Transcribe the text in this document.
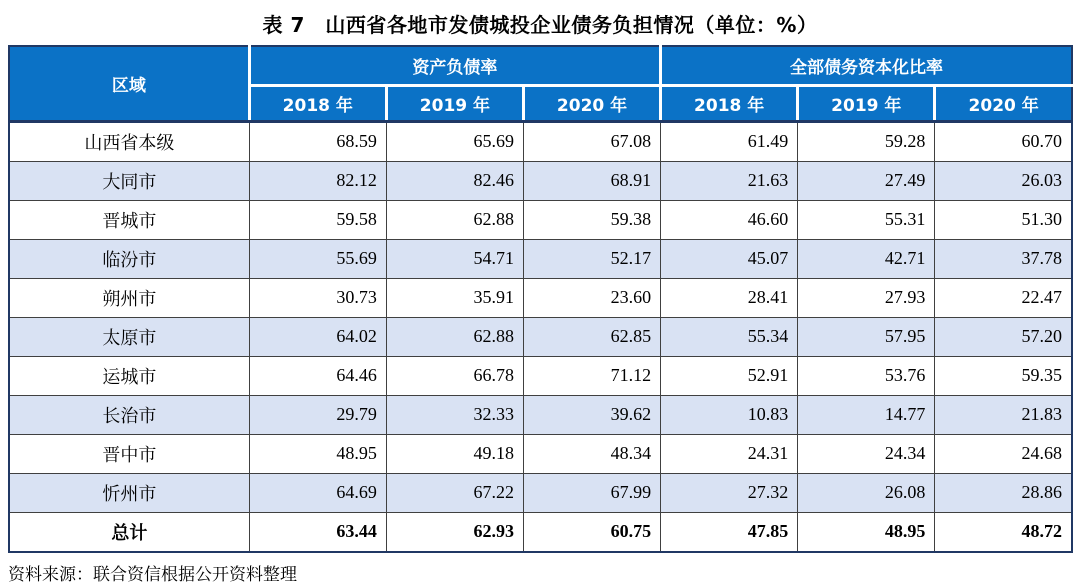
表 7　山西省各地市发债城投企业债务负担情况（单位：%）
区域	资产负债率			全部债务资本化比率		
	2018 年	2019 年	2020 年	2018 年	2019 年	2020 年
山西省本级	68.59	65.69	67.08	61.49	59.28	60.70
大同市	82.12	82.46	68.91	21.63	27.49	26.03
晋城市	59.58	62.88	59.38	46.60	55.31	51.30
临汾市	55.69	54.71	52.17	45.07	42.71	37.78
朔州市	30.73	35.91	23.60	28.41	27.93	22.47
太原市	64.02	62.88	62.85	55.34	57.95	57.20
运城市	64.46	66.78	71.12	52.91	53.76	59.35
长治市	29.79	32.33	39.62	10.83	14.77	21.83
晋中市	48.95	49.18	48.34	24.31	24.34	24.68
忻州市	64.69	67.22	67.99	27.32	26.08	28.86
总计	63.44	62.93	60.75	47.85	48.95	48.72
资料来源：联合资信根据公开资料整理
